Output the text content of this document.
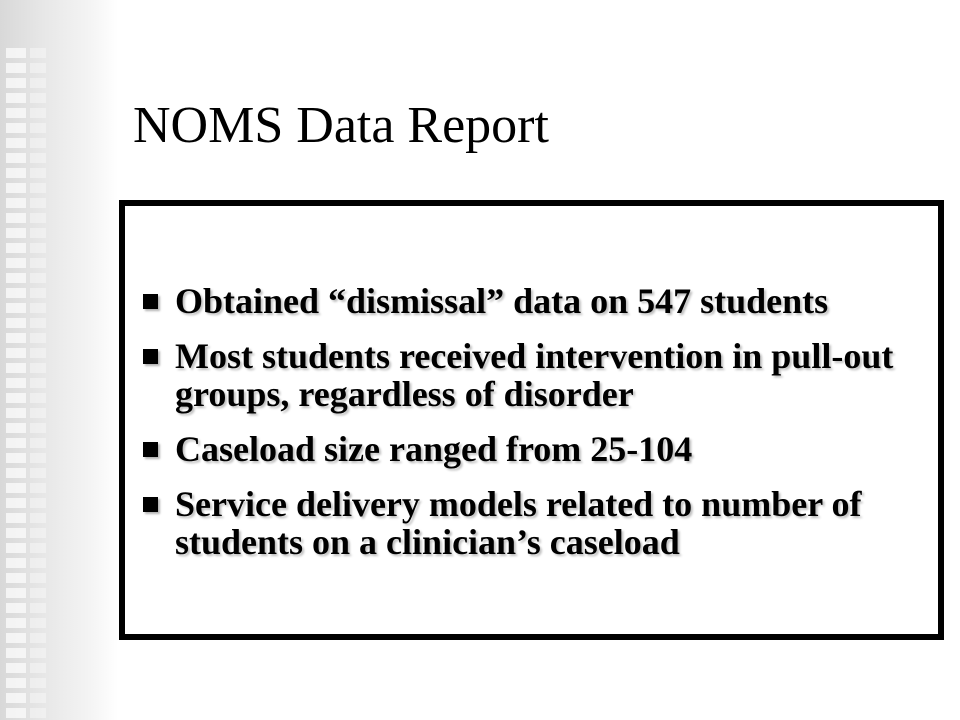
NOMS Data Report
Obtained “dismissal” data on 547 students
Most students received intervention in pull-out groups, regardless of disorder
Caseload size ranged from 25-104
Service delivery models related to number of students on a clinician’s caseload
